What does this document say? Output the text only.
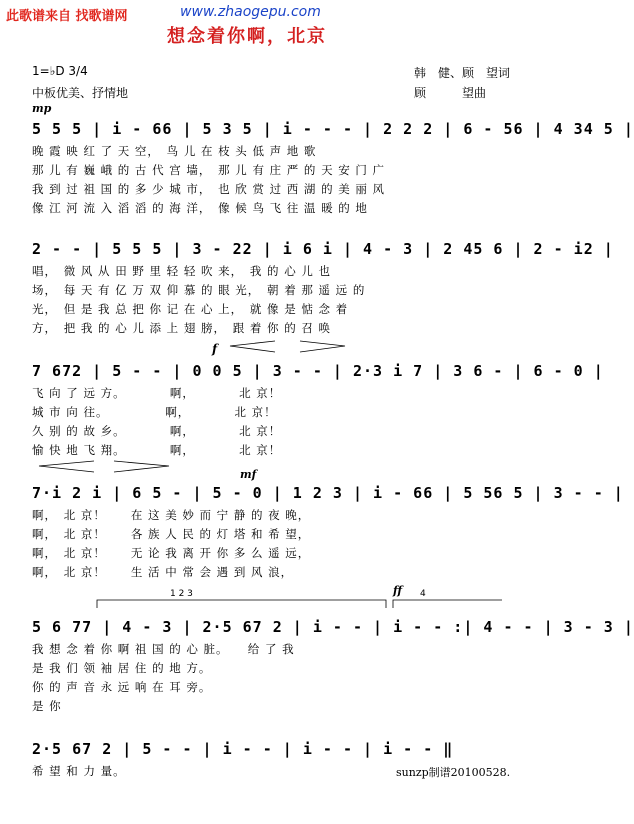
此歌谱来自 找歌谱网	www.zhaogepu.com
想念着你啊，北京
1=♭D 3/4
中板优美、抒情地
韩　健、顾　望词
顾　　　望曲
mp
f
mf
ff
1 2 3	4
5 5 5 | i - 66 | 5 3 5 | i - - - | 2 2 2 | 6 - 56 | 4 34 5 |
晚 霞 映 红 了 天 空，　鸟 儿 在 枝 头 低 声 地 歌
那 儿 有 巍 峨 的 古 代 宫 墙，　那 儿 有 庄 严 的 天 安 门 广
我 到 过 祖 国 的 多 少 城 市，　也 欣 赏 过 西 湖 的 美 丽 风
像 江 河 流 入 滔 滔 的 海 洋，　像 候 鸟 飞 往 温 暖 的 地
2 - - | 5 5 5 | 3 - 22 | i 6 i | 4 - 3 | 2 45 6 | 2 - i2 |
唱，　微 风 从 田 野 里 轻 轻 吹 来，　我 的 心 儿 也
场，　每 天 有 亿 万 双 仰 慕 的 眼 光，　朝 着 那 遥 远 的
光，　但 是 我 总 把 你 记 在 心 上，　就 像 是 惦 念 着
方，　把 我 的 心 儿 添 上 翅 膀，　跟 着 你 的 召 唤
7 672 | 5 - - | 0 0 5 | 3 - - | 2·3 i 7 | 3 6 - | 6 - 0 |
飞 向 了 远 方。　　　　啊，　　　　北 京！
城 市 向 往。　　　　　啊，　　　　北 京！
久 别 的 故 乡。　　　　啊，　　　　北 京！
愉 快 地 飞 翔。　　　　啊，　　　　北 京！
7·i 2 i | 6 5 - | 5 - 0 | 1 2 3 | i - 66 | 5 56 5 | 3 - - |
啊，　北 京！　　在 这 美 妙 而 宁 静 的 夜 晚，
啊，　北 京！　　各 族 人 民 的 灯 塔 和 希 望，
啊，　北 京！　　无 论 我 离 开 你 多 么 遥 远，
啊，　北 京！　　生 活 中 常 会 遇 到 风 浪，
5 6 77 | 4 - 3 | 2·5 67 2 | i - - | i - - :| 4 - - | 3 - 3 |
我 想 念 着 你 啊 祖 国 的 心 脏。　　给 了 我
是 我 们 领 袖 居 住 的 地 方。
你 的 声 音 永 远 响 在 耳 旁。
是 你
2·5 67 2 | 5 - - | i - - | i - - | i - - ‖
希 望 和 力 量。	sunzp制谱20100528.
